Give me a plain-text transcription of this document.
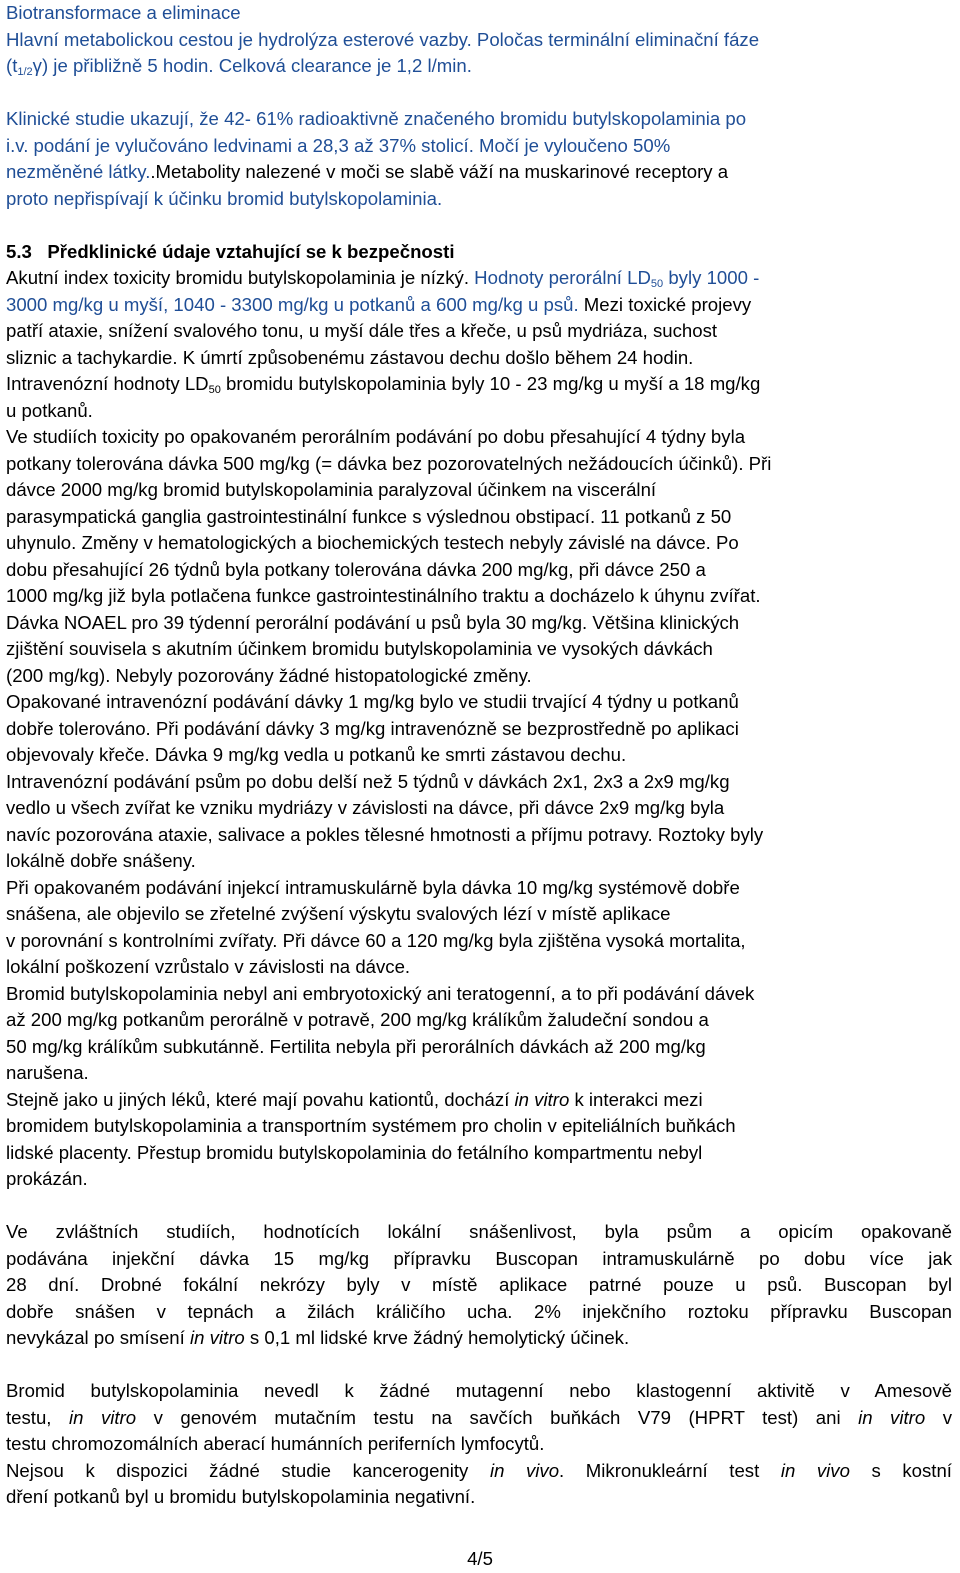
Biotransformace a eliminace

Hlavní metabolickou cestou je hydrolýza esterové vazby. Poločas terminální eliminační fáze

$(t_{1/2}\gamma)$ je přibližně 5 hodin. Celková clearance je 1,2 l/min.

Klinické studie ukazují, že 42- 61% radioaktivně značeného bromidu butylskopolaminia po

i.v. podání je vylučováno ledvinami a 28,3 až 37% stolicí. Močí je vyloučeno 50%

nezměněné látky..Metabolity nalezené v moči se slabě váží na muskarinové receptory a

proto nepřispívají k účinku bromid butylskopolaminia.

5.3   Předklinické údaje vztahující se k bezpečnosti

Akutní index toxicity bromidu butylskopolaminia je nízký. Hodnoty perorální $LD_{50}$ byly 1000 -

3000 mg/kg u myší, 1040 - 3300 mg/kg u potkanů a 600 mg/kg u psů. Mezi toxické projevy

patří ataxie, snížení svalového tonu, u myší dále třes a křeče, u psů mydriáza, suchost

sliznic a tachykardie. K úmrtí způsobenému zástavou dechu došlo během 24 hodin.

Intravenózní hodnoty $LD_{50}$ bromidu butylskopolaminia byly 10 - 23 mg/kg u myší a 18 mg/kg

u potkanů.

Ve studiích toxicity po opakovaném perorálním podávání po dobu přesahující 4 týdny byla

potkany tolerována dávka 500 mg/kg (= dávka bez pozorovatelných nežádoucích účinků). Při

dávce 2000 mg/kg bromid butylskopolaminia paralyzoval účinkem na viscerální

parasympatická ganglia gastrointestinální funkce s výslednou obstipací. 11 potkanů z 50

uhynulo. Změny v hematologických a biochemických testech nebyly závislé na dávce. Po

dobu přesahující 26 týdnů byla potkany tolerována dávka 200 mg/kg, při dávce 250 a

1000 mg/kg již byla potlačena funkce gastrointestinálního traktu a docházelo k úhynu zvířat.

Dávka NOAEL pro 39 týdenní perorální podávání u psů byla 30 mg/kg. Většina klinických

zjištění souvisela s akutním účinkem bromidu butylskopolaminia ve vysokých dávkách

(200 mg/kg). Nebyly pozorovány žádné histopatologické změny.

Opakované intravenózní podávání dávky 1 mg/kg bylo ve studii trvající 4 týdny u potkanů

dobře tolerováno. Při podávání dávky 3 mg/kg intravenózně se bezprostředně po aplikaci

objevovaly křeče. Dávka 9 mg/kg vedla u potkanů ke smrti zástavou dechu.

Intravenózní podávání psům po dobu delší než 5 týdnů v dávkách 2x1, 2x3 a 2x9 mg/kg

vedlo u všech zvířat ke vzniku mydriázy v závislosti na dávce, při dávce 2x9 mg/kg byla

navíc pozorována ataxie, salivace a pokles tělesné hmotnosti a příjmu potravy. Roztoky byly

lokálně dobře snášeny.

Při opakovaném podávání injekcí intramuskulárně byla dávka 10 mg/kg systémově dobře

snášena, ale objevilo se zřetelné zvýšení výskytu svalových lézí v místě aplikace

v porovnání s kontrolními zvířaty. Při dávce 60 a 120 mg/kg byla zjištěna vysoká mortalita,

lokální poškození vzrůstalo v závislosti na dávce.

Bromid butylskopolaminia nebyl ani embryotoxický ani teratogenní, a to při podávání dávek

až 200 mg/kg potkanům perorálně v potravě, 200 mg/kg králíkům žaludeční sondou a

50 mg/kg králíkům subkutánně. Fertilita nebyla při perorálních dávkách až 200 mg/kg

narušena.

Stejně jako u jiných léků, které mají povahu kationtů, dochází in vitro k interakci mezi

bromidem butylskopolaminia a transportním systémem pro cholin v epiteliálních buňkách

lidské placenty. Přestup bromidu butylskopolaminia do fetálního kompartmentu nebyl

prokázán.

Ve zvláštních studiích, hodnotících lokální snášenlivost, byla psům a opicím opakovaně

podávána injekční dávka 15 mg/kg přípravku Buscopan intramuskulárně po dobu více jak

28 dní. Drobné fokální nekrózy byly v místě aplikace patrné pouze u psů. Buscopan byl

dobře snášen v tepnách a žilách králičího ucha. 2% injekčního roztoku přípravku Buscopan

nevykázal po smísení in vitro s 0,1 ml lidské krve žádný hemolytický účinek.

Bromid butylskopolaminia nevedl k žádné mutagenní nebo klastogenní aktivitě v Amesově

testu, in vitro v genovém mutačním testu na savčích buňkách V79 (HPRT test) ani in vitro v

testu chromozomálních aberací humánních periferních lymfocytů.

Nejsou k dispozici žádné studie kancerogenity in vivo. Mikronukleární test in vivo s kostní

dření potkanů byl u bromidu butylskopolaminia negativní.

4/5
